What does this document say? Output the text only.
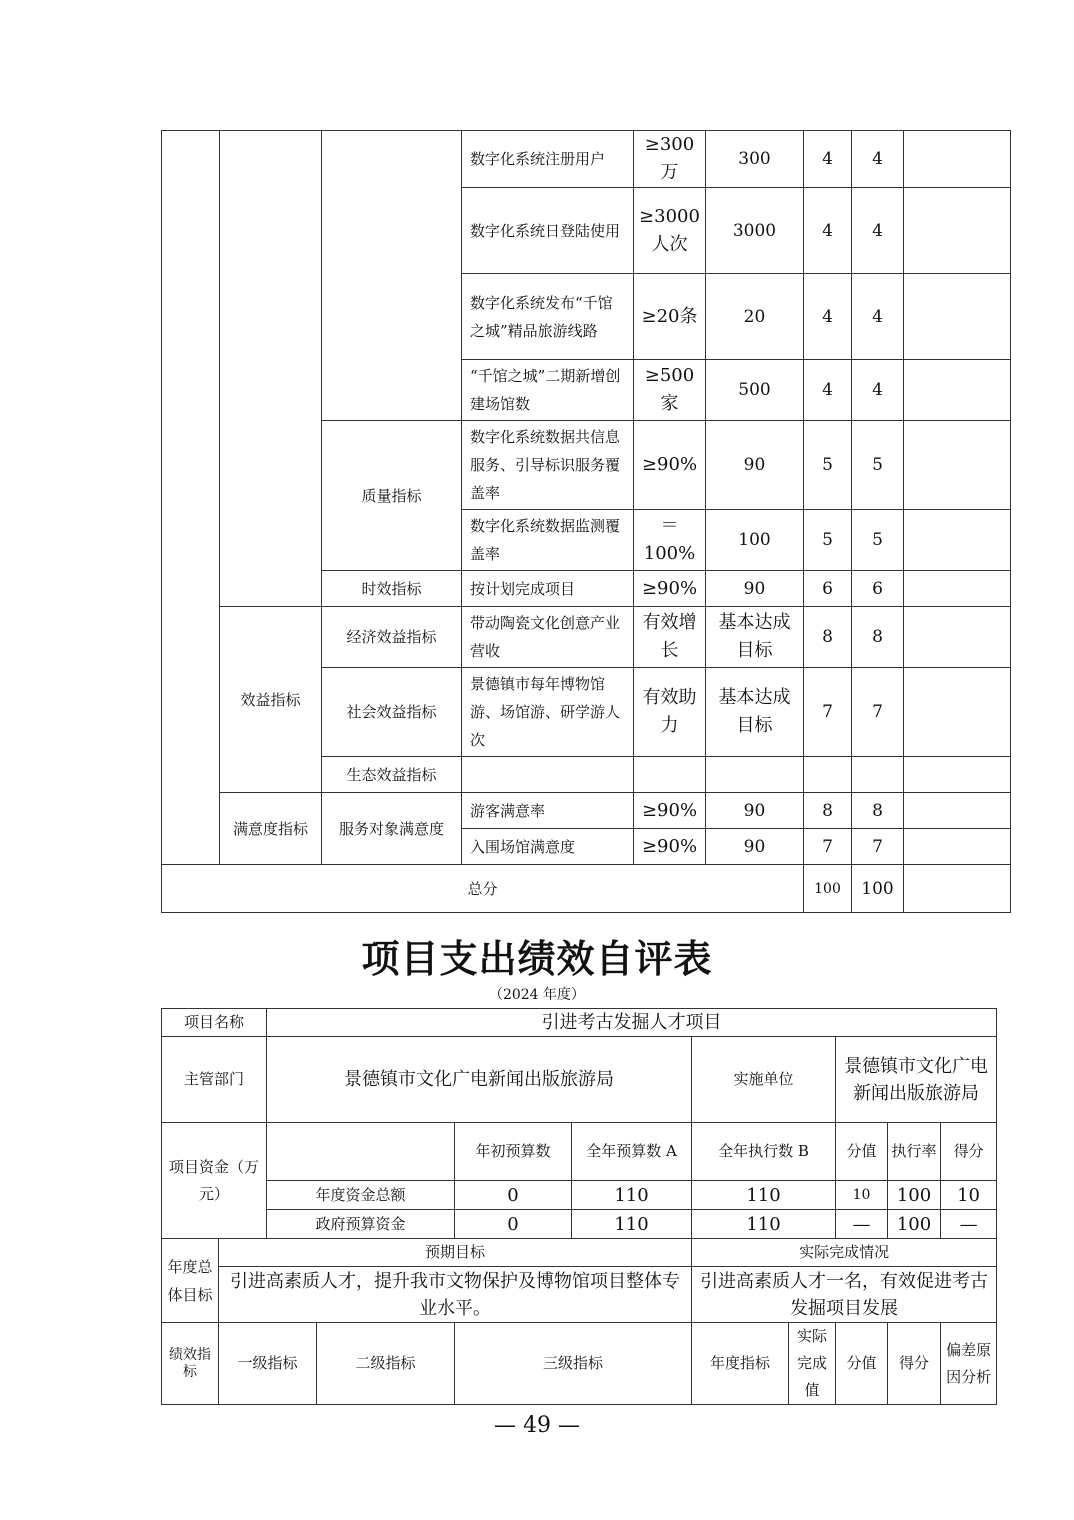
			数字化系统注册用户	≥300万	300	4	4	
			数字化系统日登陆使用	≥3000人次	3000	4	4	
			数字化系统发布“千馆之城”精品旅游线路	≥20条	20	4	4	
			“千馆之城”二期新增创建场馆数	≥500家	500	4	4	
		质量指标	数字化系统数据共信息服务、引导标识服务覆盖率	≥90%	90	5	5	
			数字化系统数据监测覆盖率	＝100%	100	5	5	
		时效指标	按计划完成项目	≥90%	90	6	6	
	效益指标	经济效益指标	带动陶瓷文化创意产业营收	有效增长	基本达成目标	8	8	
		社会效益指标	景德镇市每年博物馆游、场馆游、研学游人次	有效助力	基本达成目标	7	7	
		生态效益指标						
	满意度指标	服务对象满意度	游客满意率	≥90%	90	8	8	
			入围场馆满意度	≥90%	90	7	7	
总分						100	100	
项目支出绩效自评表
（2024 年度）
项目名称		引进考古发掘人才项目								
主管部门		景德镇市文化广电新闻出版旅游局				实施单位		景德镇市文化广电新闻出版旅游局		
项目资金（万元）				年初预算数	全年预算数 A	全年执行数 B		分值	执行率	得分
		年度资金总额		0	110	110		10	100	10
		政府预算资金		0	110	110		—	100	—
年度总体目标	预期目标					实际完成情况				
	引进高素质人才，提升我市文物保护及博物馆项目整体专业水平。					引进高素质人才一名，有效促进考古发掘项目发展				
绩效指标	一级指标		二级指标	三级指标		年度指标	实际完成值	分值	得分	偏差原因分析
— 49 —
